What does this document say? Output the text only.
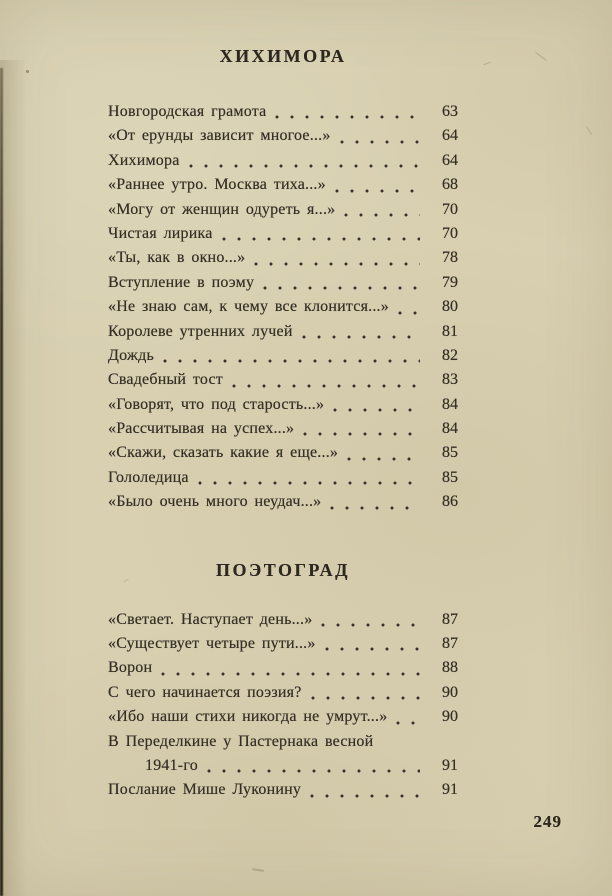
ХИХИМОРА
Новгородская грамота	63
«От ерунды зависит многое...»	64
Хихимора	64
«Раннее утро. Москва тиха...»	68
«Могу от женщин одуреть я...»	70
Чистая лирика	70
«Ты, как в окно...»	78
Вступление в поэму	79
«Не знаю сам, к чему все клонится...»	80
Королеве утренних лучей	81
Дождь	82
Свадебный тост	83
«Говорят, что под старость...»	84
«Рассчитывая на успех...»	84
«Скажи, сказать какие я еще...»	85
Гололедица	85
«Было очень много неудач...»	86
ПОЭТОГРАД
«Светает. Наступает день...»	87
«Существует четыре пути...»	87
Ворон	88
С чего начинается поэзия?	90
«Ибо наши стихи никогда не умрут...»	90
В Переделкине у Пастернака весной
1941-го	91
Послание Мише Луконину	91
249
